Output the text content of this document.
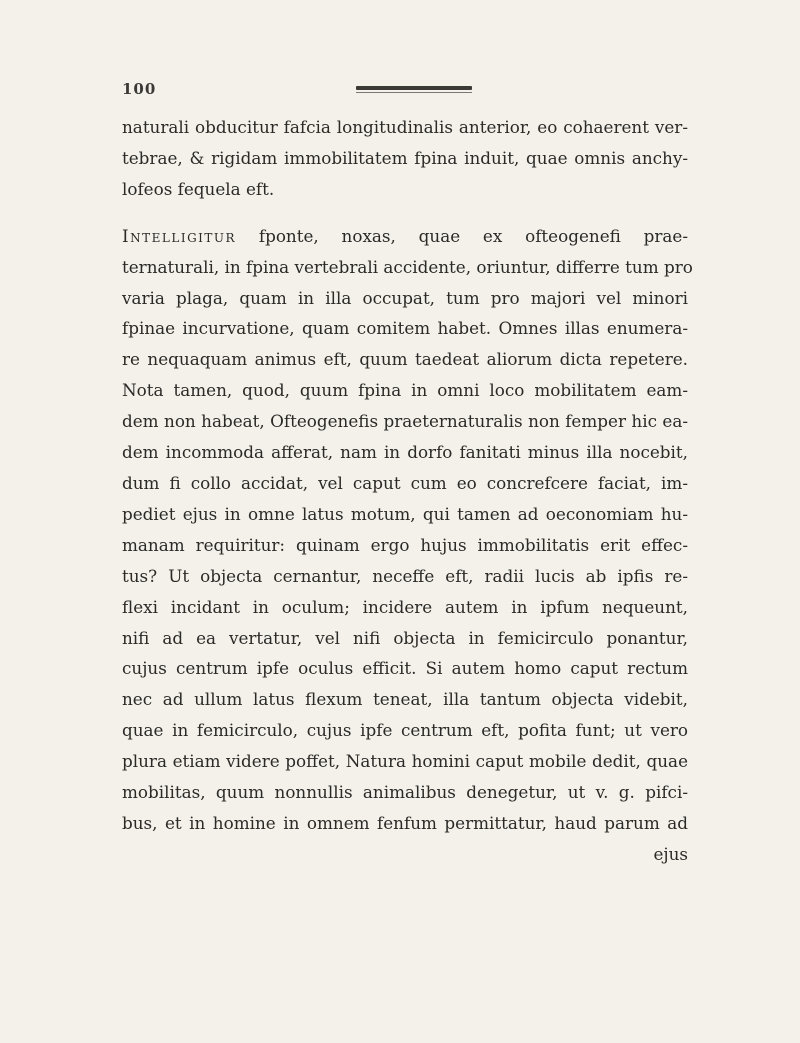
100
naturali obducitur fafcia longitudinalis anterior, eo cohaerent ver-
tebrae, & rigidam immobilitatem fpina induit, quae omnis anchy-
lofeos fequela eft.
Intelligitur fponte, noxas, quae ex ofteogenefi prae-
ternaturali, in fpina vertebrali accidente, oriuntur, differre tum pro
varia plaga, quam in illa occupat, tum pro majori vel minori
fpinae incurvatione, quam comitem habet. Omnes illas enumera-
re nequaquam animus eft, quum taedeat aliorum dicta repetere.
Nota tamen, quod, quum fpina in omni loco mobilitatem eam-
dem non habeat, Ofteogenefis praeternaturalis non femper hic ea-
dem incommoda afferat, nam in dorfo fanitati minus illa nocebit,
dum fi collo accidat, vel caput cum eo concrefcere faciat, im-
pediet ejus in omne latus motum, qui tamen ad oeconomiam hu-
manam requiritur: quinam ergo hujus immobilitatis erit effec-
tus? Ut objecta cernantur, neceffe eft, radii lucis ab ipfis re-
flexi incidant in oculum; incidere autem in ipfum nequeunt,
nifi ad ea vertatur, vel nifi objecta in femicirculo ponantur,
cujus centrum ipfe oculus efficit. Si autem homo caput rectum
nec ad ullum latus flexum teneat, illa tantum objecta videbit,
quae in femicirculo, cujus ipfe centrum eft, pofita funt; ut vero
plura etiam videre poffet, Natura homini caput mobile dedit, quae
mobilitas, quum nonnullis animalibus denegetur, ut v. g. pifci-
bus, et in homine in omnem fenfum permittatur, haud parum ad
ejus
